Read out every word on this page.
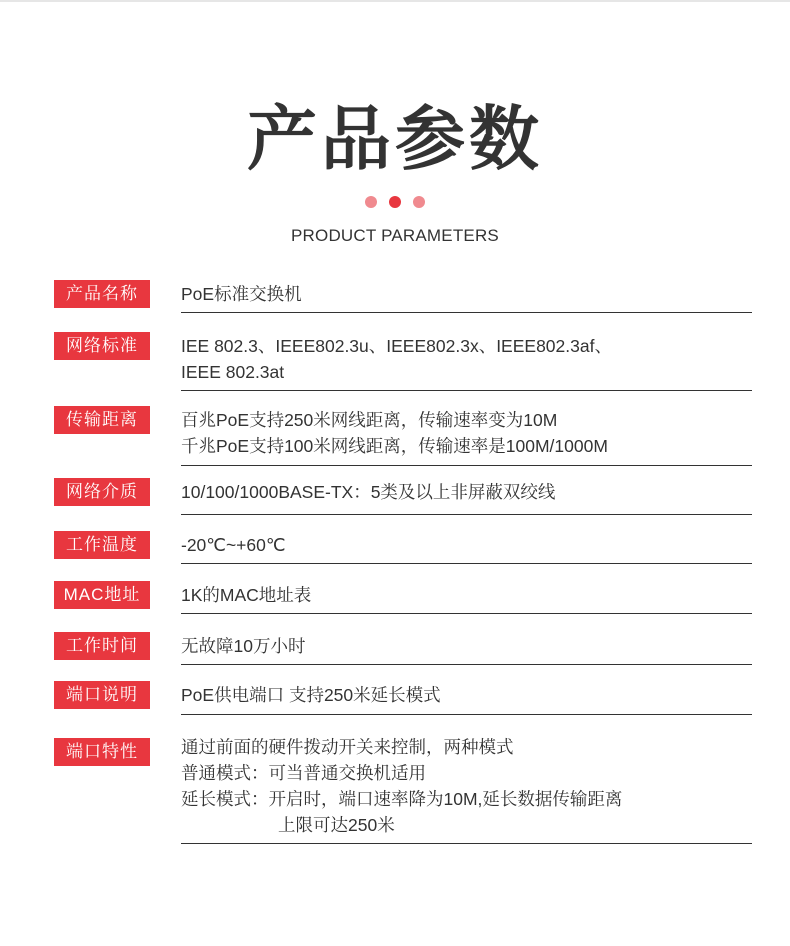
产品参数
PRODUCT PARAMETERS
产品名称	PoE标准交换机
网络标准	IEE 802.3、IEEE802.3u、IEEE802.3x、IEEE802.3af、
IEEE 802.3at
传输距离	百兆PoE支持250米网线距离，传输速率变为10M
千兆PoE支持100米网线距离，传输速率是100M/1000M
网络介质	10/100/1000BASE-TX：5类及以上非屏蔽双绞线
工作温度	-20℃~+60℃
MAC地址	1K的MAC地址表
工作时间	无故障10万小时
端口说明	PoE供电端口 支持250米延长模式
端口特性	通过前面的硬件拨动开关来控制，两种模式
普通模式：可当普通交换机适用
延长模式：开启时，端口速率降为10M,延长数据传输距离
上限可达250米
